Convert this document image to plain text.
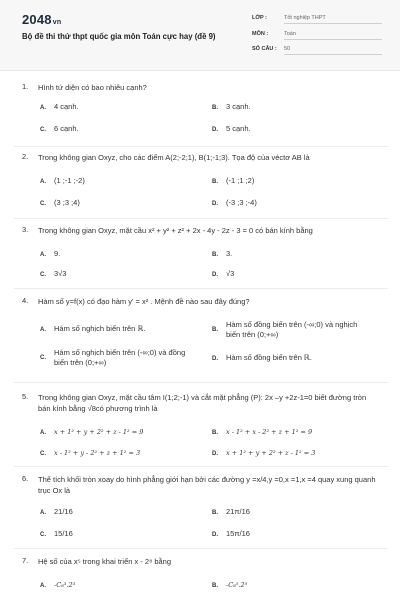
2048vn
Bộ đề thi thử thpt quốc gia môn Toán cực hay (đề 9)
LỚP :	Tốt nghiệp THPT
MÔN :	Toán
SỐ CÂU : 50
1. Hình tứ diện có bao nhiêu cạnh?
A. 4 cạnh.	B. 3 cạnh.
C. 6 cạnh.	D. 5 cạnh.
2. Trong không gian Oxyz, cho các điểm A(2;-2;1), B(1;-1;3). Tọa độ của véctơ AB là
A. (1 ;-1 ;-2)	B. (-1 ;1 ;2)
C. (3 ;3 ;4)	D. (-3 ;3 ;-4)
3. Trong không gian Oxyz, mặt cầu x² + y² + z² + 2x - 4y - 2z - 3 = 0 có bán kính bằng
A. 9.	B. 3.
C. 3√3	D. √3
4. Hàm số y=f(x) có đạo hàm y' = x² . Mệnh đề nào sau đây đúng?
A. Hàm số nghịch biến trên ℝ.	B.
Hàm số đồng biến trên (-∞;0) và nghịch biến trên (0;+∞)
C.
Hàm số nghịch biến trên (-∞;0) và đồng biến trên (0;+∞)	D. Hàm số đồng biến trên ℝ.
5. Trong không gian Oxyz, mặt cầu tâm I(1;2;-1) và cắt mặt phẳng (P): 2x –y +2z-1=0 biết đường tròn bán kính bằng √8có phương trình là
A. x + 1² + y + 2² + z - 1² = 9	B. x - 1² + x - 2² + z + 1² = 9
C. x - 1² + y - 2² + z + 1² = 3	D. x + 1² + y + 2² + z - 1² = 3
6. Thể tích khối tròn xoay do hình phẳng giới hạn bởi các đường y =x/4,y =0,x =1,x =4 quay xung quanh trục Ox là
A. 21/16	B. 21π/16
C. 15/16	D. 15π/16
7. Hệ số của x⁵ trong khai triển x - 2⁸ bằng
A. -C₈³.2³	B. -C₈⁵.2⁵
